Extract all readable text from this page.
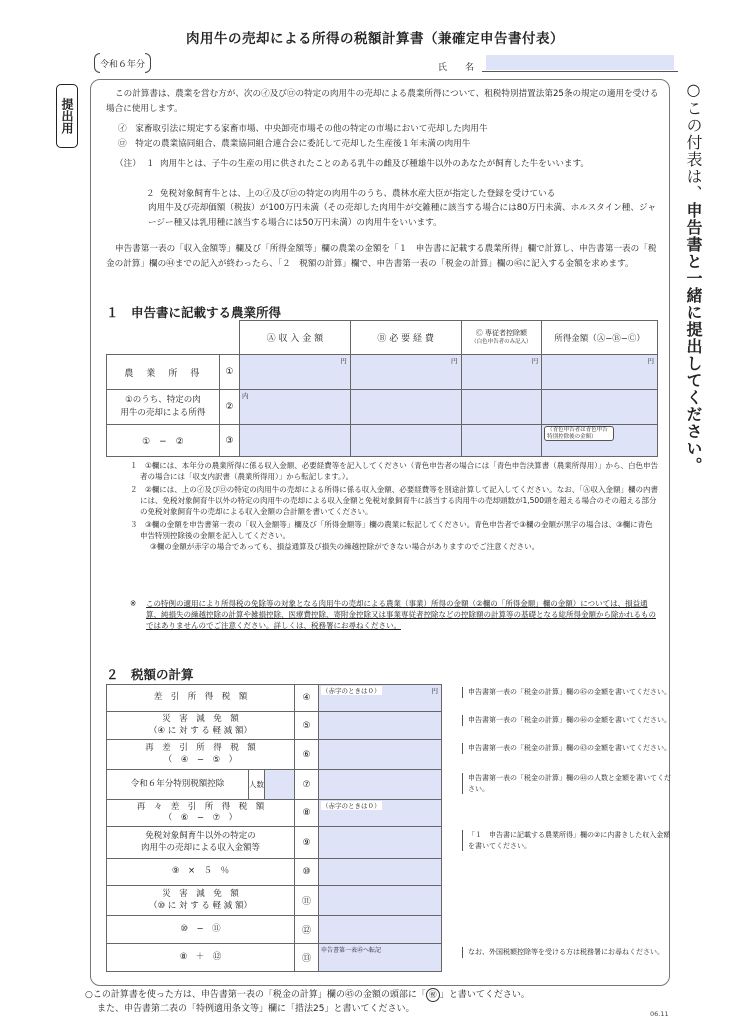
肉用牛の売却による所得の税額計算書（兼確定申告書付表）
令和６年分	氏名
提出用	○この付表は、申告書と一緒に提出してください。
この計算書は、農業を営む方が、次の㋑及び㋺の特定の肉用牛の売却による農業所得について、租税特別措置法第25条の規定の適用を受ける場合に使用します。
㋑　 家畜取引法に規定する家畜市場、中央卸売市場その他の特定の市場において売却した肉用牛
㋺　 特定の農業協同組合、農業協同組合連合会に委託して売却した生産後１年未満の肉用牛
（注） １ 肉用牛とは、子牛の生産の用に供されたことのある乳牛の雌及び種雄牛以外のあなたが飼育した牛をいいます。
２ 免税対象飼育牛とは、上の㋑及び㋺の特定の肉用牛のうち、農林水産大臣が指定した登録を受けている
肉用牛及び売却価額（税抜）が100万円未満（その売却した肉用牛が交雑種に該当する場合には80万円未満、ホルスタイン種、ジャージー種又は乳用種に該当する場合には50万円未満）の肉用牛をいいます。
申告書第一表の「収入金額等」欄及び「所得金額等」欄の農業の金額を「１　申告書に記載する農業所得」欄で計算し、申告書第一表の「税金の計算」欄の㊹までの記入が終わったら、「２　税額の計算」欄で、申告書第一表の「税金の計算」欄の㊺に記入する金額を求めます。
１　申告書に記載する農業所得
		Ⓐ 収 入 金 額	Ⓑ 必 要 経 費	Ⓒ 専従者控除額
（白色申告者のみ記入）	所得金額（Ⓐ−Ⓑ−Ⓒ）
農　業　所　得	①	円	円	円	円

①のうち、特定の肉
用牛の売却による所得	②	内			

①　−　②	③				（青色申告者は青色申告特別控除後の金額）
１　①欄には、本年分の農業所得に係る収入金額、必要経費等を記入してください（青色申告者の場合には「青色申告決算書（農業所得用）」から、白色申告者の場合には「収支内訳書（農業所得用）」から転記します。）。
２　②欄には、上の㋑及び㋺の特定の肉用牛の売却による所得に係る収入金額、必要経費等を別途計算して記入してください。なお、「Ⓐ収入金額」欄の内書には、免税対象飼育牛以外の特定の肉用牛の売却による収入金額と免税対象飼育牛に該当する肉用牛の売却頭数が1,500頭を超える場合のその超える部分の免税対象飼育牛の売却による収入金額の合計額を書いてください。
３　③欄の金額を申告書第一表の「収入金額等」欄及び「所得金額等」欄の農業に転記してください。青色申告者で③欄の金額が黒字の場合は、③欄に青色申告特別控除後の金額を記入してください。
③欄の金額が赤字の場合であっても、損益通算及び損失の繰越控除ができない場合がありますのでご注意ください。
※	この特例の適用により所得税の免除等の対象となる肉用牛の売却による農業（事業）所得の金額（②欄の「所得金額」欄の金額）については、損益通算、純損失の繰越控除の計算や雑損控除、医療費控除、寄附金控除又は事業専従者控除などの控除額の計算等の基礎となる総所得金額から除かれるものではありませんのでご注意ください。詳しくは、税務署にお尋ねください。
２　税額の計算
差　引　所　得　税　額	④
（赤字のときは０）	円	申告書第一表の「税金の計算」欄の㊺の金額を書いてください。
災　害　減　免　額
（④ に 対 す る 軽 減 額）	⑤
申告書第一表の「税金の計算」欄の㊻の金額を書いてください。
再　差　引　所　得　税　額
（　④　−　⑤　）	⑥
申告書第一表の「税金の計算」欄の㊸の金額を書いてください。
令和６年分特別税額控除	人数	⑦
申告書第一表の「税金の計算」欄の㊹の人数と金額を書いてください。
再　々　差　引　所　得　税　額
（　⑥　−　⑦　）	⑧
（赤字のときは０）
免税対象飼育牛以外の特定の
肉用牛の売却による収入金額等	⑨
「１　申告書に記載する農業所得」欄の②に内書きした収入金額を書いてください。
⑨　×　５　％	⑩
災　害　減　免　額
（⑩ に 対 す る 軽 減 額）	⑪
⑩　−　⑪	⑫
⑧　＋　⑫	⑬
申告書第一表㊺へ転記	なお、外国税額控除等を受ける方は税務署にお尋ねください。
○この計算書を使った方は、申告書第一表の「税金の計算」欄の㊺の金額の頭部に「 ㊗ 」と書いてください。
また、申告書第二表の「特例適用条文等」欄に「措法25」と書いてください。	06.11
